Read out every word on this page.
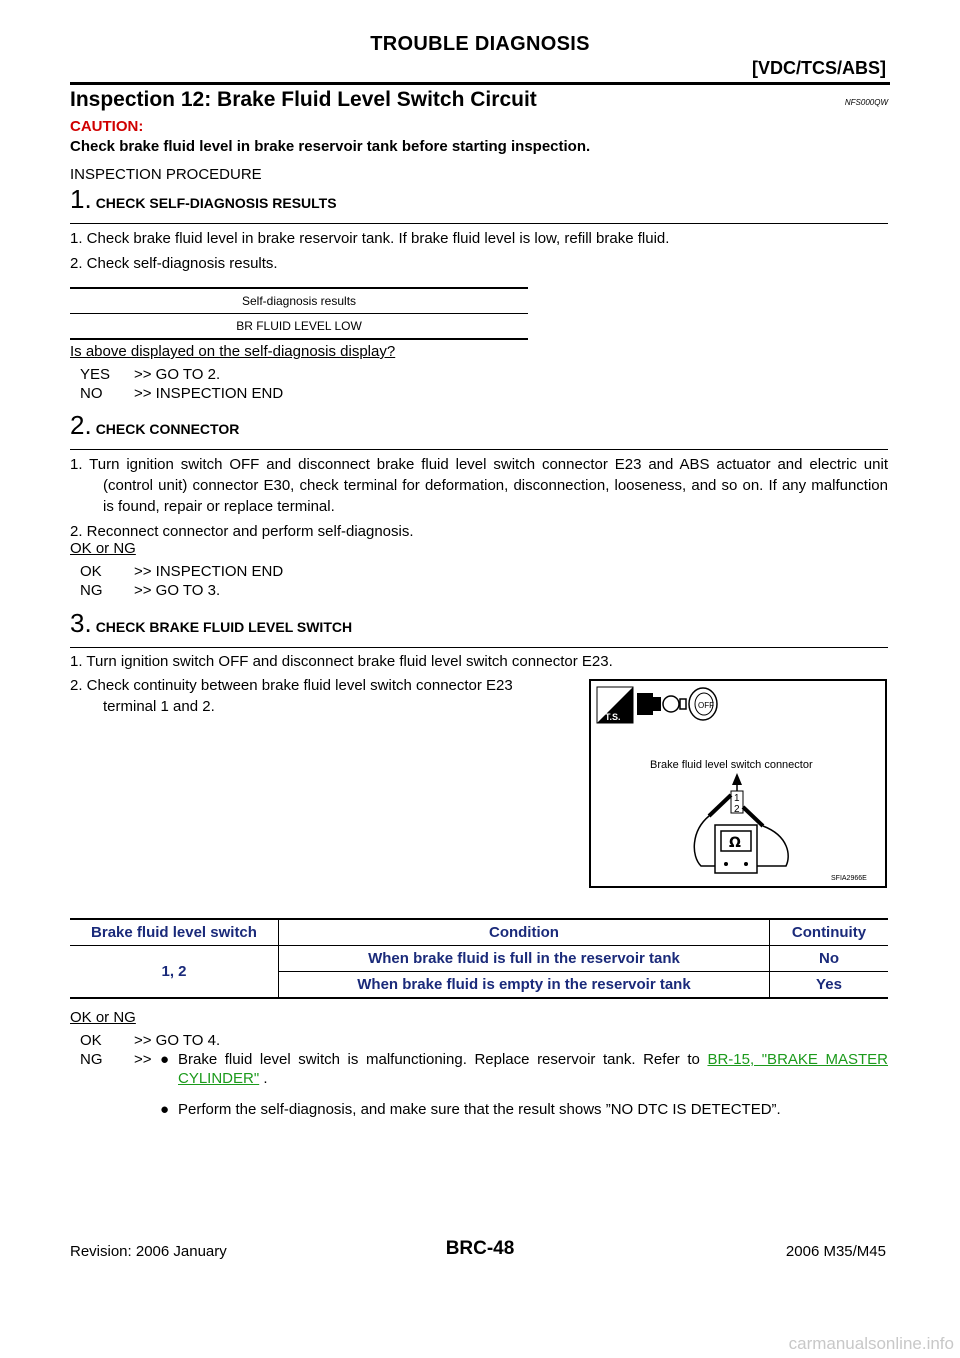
TROUBLE DIAGNOSIS
[VDC/TCS/ABS]
Inspection 12: Brake Fluid Level Switch Circuit	NFS000QW
CAUTION:
Check brake fluid level in brake reservoir tank before starting inspection.
INSPECTION PROCEDURE
1. CHECK SELF-DIAGNOSIS RESULTS
1. Check brake fluid level in brake reservoir tank. If brake fluid level is low, refill brake fluid.
2. Check self-diagnosis results.
Self-diagnosis results
BR FLUID LEVEL LOW
Is above displayed on the self-diagnosis display?
YES >> GO TO 2.
NO >> INSPECTION END
2. CHECK CONNECTOR
1. Turn ignition switch OFF and disconnect brake fluid level switch connector E23 and ABS actuator and electric unit (control unit) connector E30, check terminal for deformation, disconnection, looseness, and so on. If any malfunction is found, repair or replace terminal.
2. Reconnect connector and perform self-diagnosis.
OK or NG
OK >> INSPECTION END
NG >> GO TO 3.
3. CHECK BRAKE FLUID LEVEL SWITCH
1. Turn ignition switch OFF and disconnect brake fluid level switch connector E23.
2. Check continuity between brake fluid level switch connector E23 terminal 1 and 2.
T.S.
OFF
Brake fluid level switch connector
1
2
Ω
SFIA2966E
Brake fluid level switch	Condition	Continuity
1, 2	When brake fluid is full in the reservoir tank	No
	When brake fluid is empty in the reservoir tank	Yes
OK or NG
OK >> GO TO 4.
NG	>> ● Brake fluid level switch is malfunctioning. Replace reservoir tank. Refer to BR-15, "BRAKE MASTER CYLINDER" .
● Perform the self-diagnosis, and make sure that the result shows ”NO DTC IS DETECTED”.
Revision: 2006 January	BRC-48	2006 M35/M45
carmanualsonline.info
